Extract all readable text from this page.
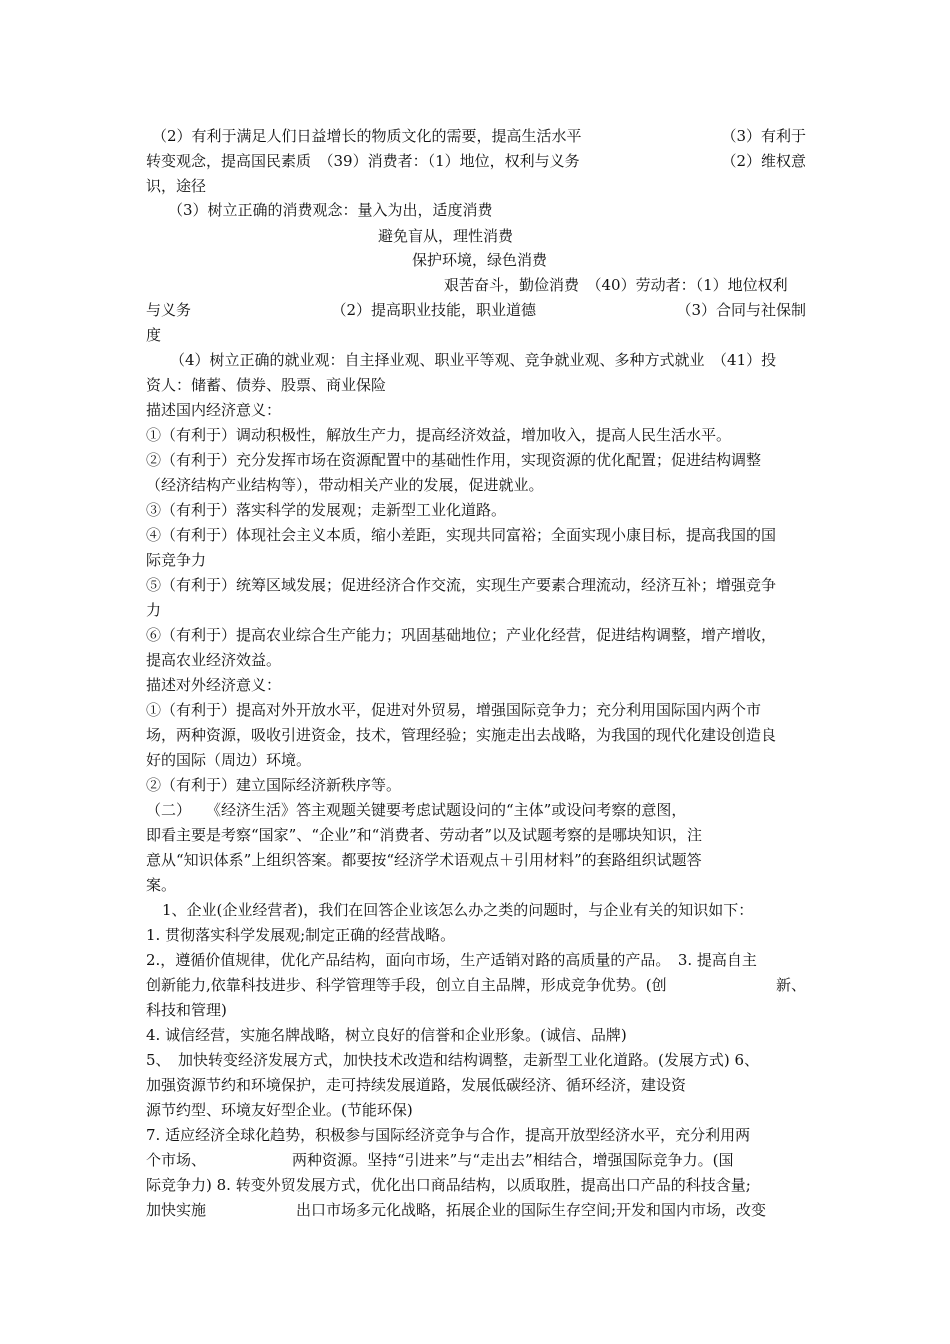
（2）有利于满足人们日益增长的物质文化的需要，提高生活水平	（3）有利于
转变观念，提高国民素质　（39）消费者：（1）地位，权利与义务	（2）维权意
识，途径
（3）树立正确的消费观念：量入为出，适度消费
避免盲从，理性消费
保护环境，绿色消费
艰苦奋斗，勤俭消费　（40）劳动者：（1）地位权利
与义务	（2）提高职业技能，职业道德	（3）合同与社保制
度
（4）树立正确的就业观：自主择业观、职业平等观、竞争就业观、多种方式就业　（41）投
资人：储蓄、债券、股票、商业保险
描述国内经济意义：
①（有利于）调动积极性，解放生产力，提高经济效益，增加收入，提高人民生活水平。
②（有利于）充分发挥市场在资源配置中的基础性作用，实现资源的优化配置；促进结构调整
（经济结构产业结构等），带动相关产业的发展，促进就业。
③（有利于）落实科学的发展观；走新型工业化道路。
④（有利于）体现社会主义本质，缩小差距，实现共同富裕；全面实现小康目标，提高我国的国
际竞争力
⑤（有利于）统筹区域发展；促进经济合作交流，实现生产要素合理流动，经济互补；增强竞争
力
⑥（有利于）提高农业综合生产能力；巩固基础地位；产业化经营，促进结构调整，增产增收，
提高农业经济效益。
描述对外经济意义：
①（有利于）提高对外开放水平，促进对外贸易，增强国际竞争力；充分利用国际国内两个市
场，两种资源，吸收引进资金，技术，管理经验；实施走出去战略，为我国的现代化建设创造良
好的国际（周边）环境。
②（有利于）建立国际经济新秩序等。
（二）　　《经济生活》答主观题关键要考虑试题设问的“主体”或设问考察的意图，
即看主要是考察“国家”、“企业”和“消费者、劳动者”以及试题考察的是哪块知识，注
意从“知识体系”上组织答案。都要按“经济学术语观点＋引用材料”的套路组织试题答
案。
1、企业(企业经营者)，我们在回答企业该怎么办之类的问题时，与企业有关的知识如下：
1. 贯彻落实科学发展观;制定正确的经营战略。
2.，遵循价值规律，优化产品结构，面向市场，生产适销对路的高质量的产品。　3. 提高自主
创新能力,依靠科技进步、科学管理等手段，创立自主品牌，形成竞争优势。(创	新、
科技和管理)
4. 诚信经营，实施名牌战略，树立良好的信誉和企业形象。(诚信、品牌)
5、　加快转变经济发展方式，加快技术改造和结构调整，走新型工业化道路。(发展方式) 6、
加强资源节约和环境保护，走可持续发展道路，发展低碳经济、循环经济，建设资
源节约型、环境友好型企业。(节能环保)
7. 适应经济全球化趋势，积极参与国际经济竞争与合作，提高开放型经济水平，充分利用两
个市场、	两种资源。坚持“引进来”与“走出去”相结合，增强国际竞争力。(国
际竞争力) 8. 转变外贸发展方式，优化出口商品结构，以质取胜，提高出口产品的科技含量;
加快实施	出口市场多元化战略，拓展企业的国际生存空间;开发和国内市场，改变
